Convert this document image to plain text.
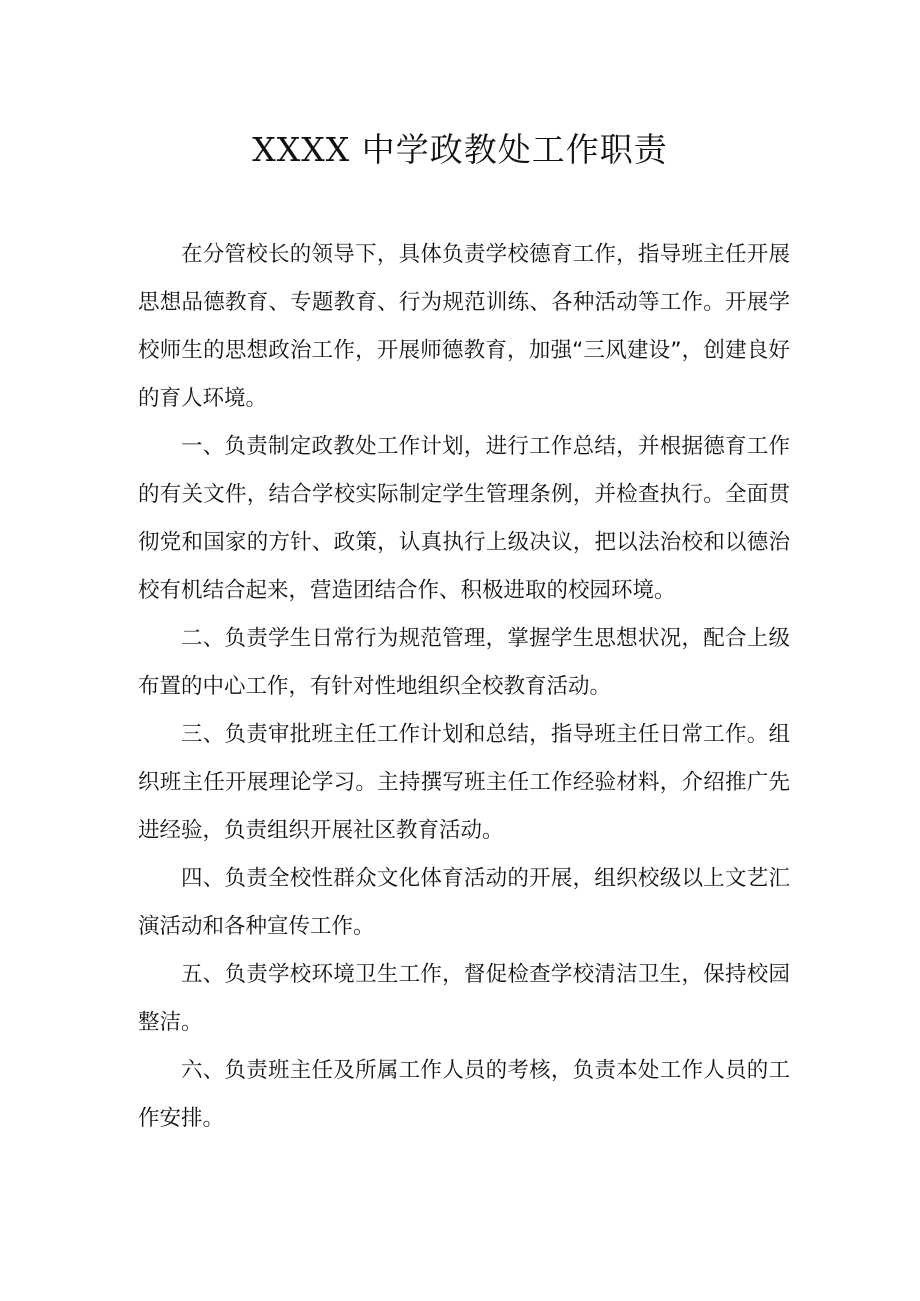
XXXX 中学政教处工作职责

在分管校长的领导下，具体负责学校德育工作，指导班主任开展思想品德教育、专题教育、行为规范训练、各种活动等工作。开展学校师生的思想政治工作，开展师德教育，加强“三风建设”，创建良好的育人环境。

一、负责制定政教处工作计划，进行工作总结，并根据德育工作的有关文件，结合学校实际制定学生管理条例，并检查执行。全面贯彻党和国家的方针、政策，认真执行上级决议，把以法治校和以德治校有机结合起来，营造团结合作、积极进取的校园环境。

二、负责学生日常行为规范管理，掌握学生思想状况，配合上级布置的中心工作，有针对性地组织全校教育活动。

三、负责审批班主任工作计划和总结，指导班主任日常工作。组织班主任开展理论学习。主持撰写班主任工作经验材料，介绍推广先进经验，负责组织开展社区教育活动。

四、负责全校性群众文化体育活动的开展，组织校级以上文艺汇演活动和各种宣传工作。

五、负责学校环境卫生工作，督促检查学校清洁卫生，保持校园整洁。

六、负责班主任及所属工作人员的考核，负责本处工作人员的工作安排。
